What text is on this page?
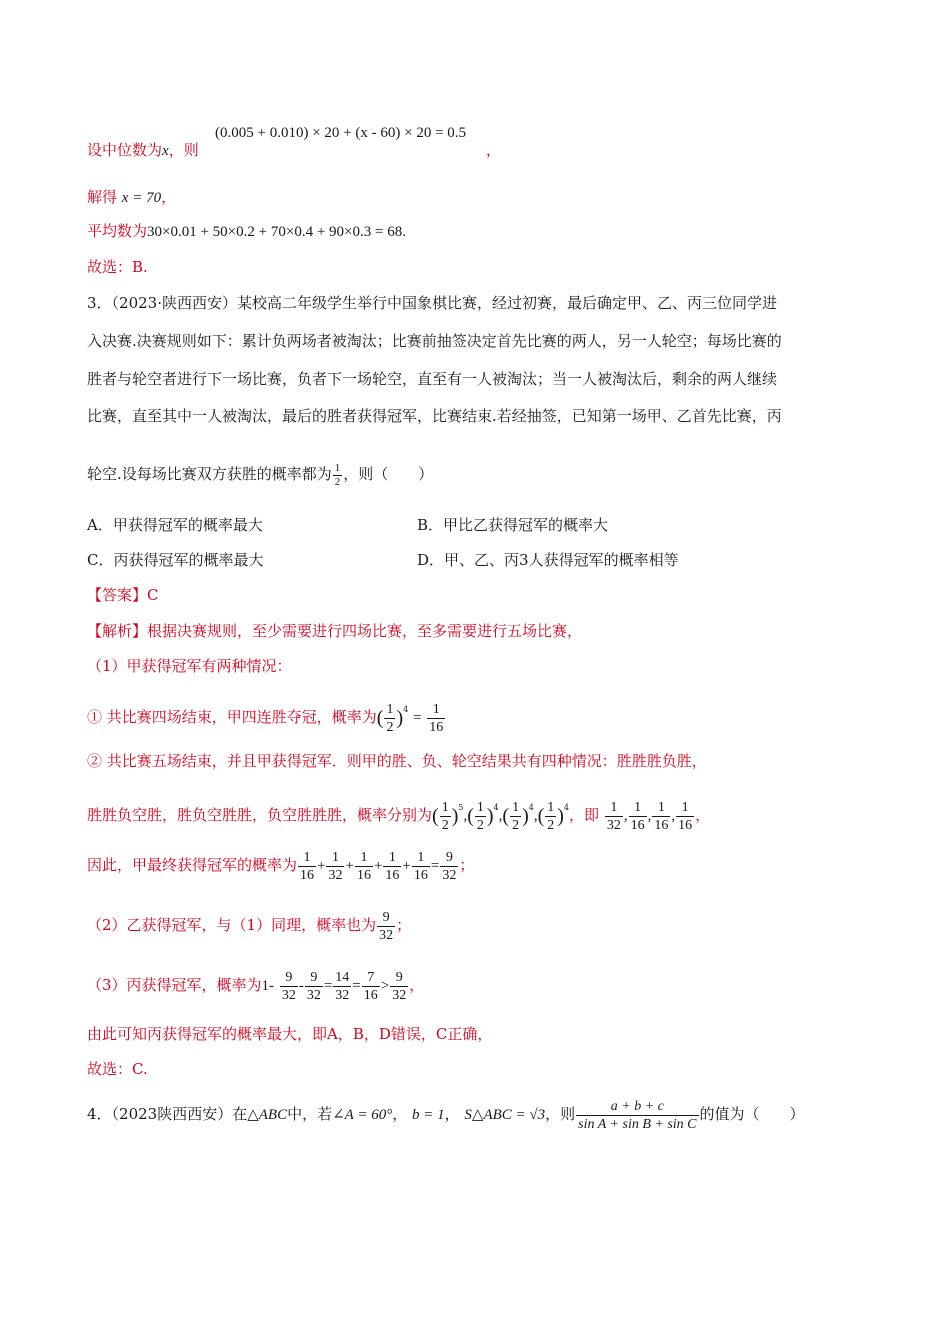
设中位数为x，则
(0.005 + 0.010) × 20 + (x - 60) × 20 = 0.5
，
解得 x = 70，
平均数为30×0.01 + 50×0.2 + 70×0.4 + 90×0.3 = 68.
故选：B.
3．（2023·陕西西安）某校高二年级学生举行中国象棋比赛，经过初赛，最后确定甲、乙、丙三位同学进
入决赛.决赛规则如下：累计负两场者被淘汰；比赛前抽签决定首先比赛的两人，另一人轮空；每场比赛的
胜者与轮空者进行下一场比赛，负者下一场轮空，直至有一人被淘汰；当一人被淘汰后，剩余的两人继续
比赛，直至其中一人被淘汰，最后的胜者获得冠军，比赛结束.若经抽签，已知第一场甲、乙首先比赛，丙
轮空.设每场比赛双方获胜的概率都为 $\frac{1}{2}$ ，则（　　）
A．甲获得冠军的概率最大	B．甲比乙获得冠军的概率大
C．丙获得冠军的概率最大	D．甲、乙、丙3人获得冠军的概率相等
【答案】C
【解析】根据决赛规则，至少需要进行四场比赛，至多需要进行五场比赛，
（1）甲获得冠军有两种情况：
① 共比赛四场结束，甲四连胜夺冠，概率为( $\frac{1}{2} )^4 = \frac{1}{16}$
② 共比赛五场结束，并且甲获得冠军．则甲的胜、负、轮空结果共有四种情况：胜胜胜负胜，
胜胜负空胜，胜负空胜胜，负空胜胜胜，概率分别为( $\frac{1}{2} )^5,( \frac{1}{2} )^4,( \frac{1}{2} )^4,( \frac{1}{2} )^4$，即 $\frac{1}{32}$ , $\frac{1}{16}$ , $\frac{1}{16}$ , $\frac{1}{16}$ ，
因此，甲最终获得冠军的概率为 $\frac{1}{16} + \frac{1}{32} + \frac{1}{16} + \frac{1}{16} + \frac{1}{16} = \frac{9}{32}$ ；
（2）乙获得冠军，与（1）同理，概率也为 $\frac{9}{32}$ ；
（3）丙获得冠军，概率为$1- \frac{9}{32} - \frac{9}{32} = \frac{14}{32} = \frac{7}{16} > \frac{9}{32}$ ，
由此可知丙获得冠军的概率最大，即A，B，D错误，C正确，
故选：C.
4．（2023陕西西安）在△ABC中，若∠A = 60°， b = 1， S△ABC = √3，则 $\frac{a + b + c}{\text{sin A + sin B + sin C}}$ 的值为（　　）
